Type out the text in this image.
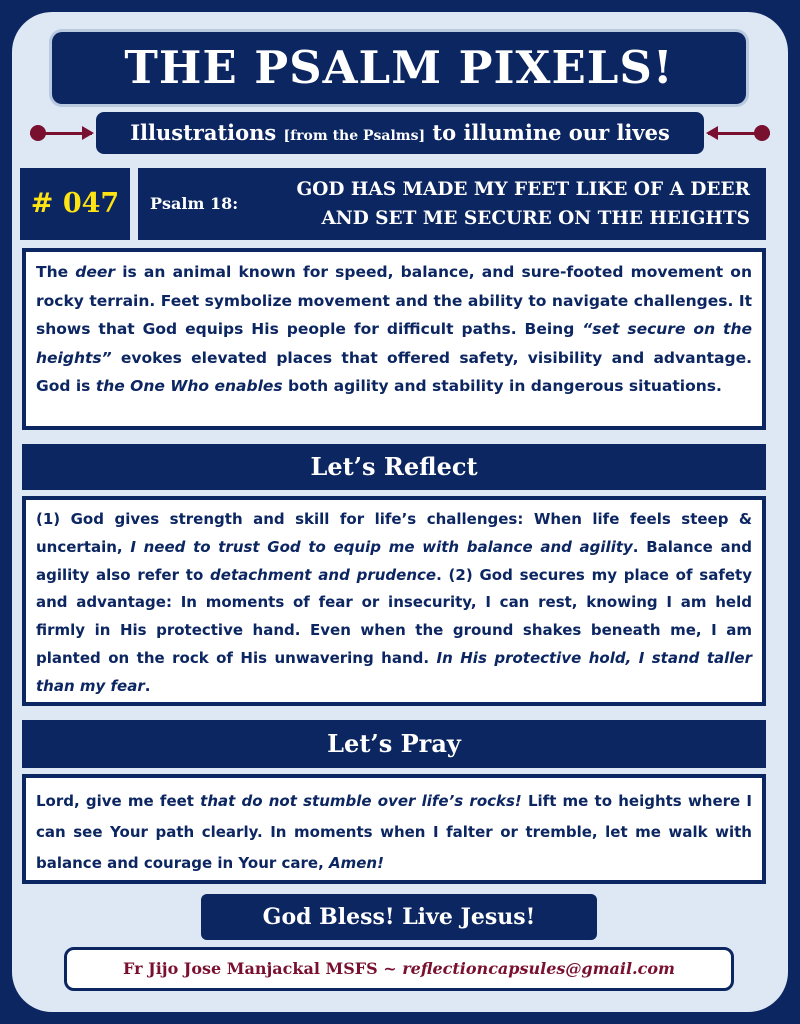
THE PSALM PIXELS!
Illustrations [from the Psalms] to illumine our lives
# 047	Psalm 18:
GOD HAS MADE MY FEET LIKE OF A DEER
AND SET ME SECURE ON THE HEIGHTS
The deer is an animal known for speed, balance, and sure-footed movement on rocky terrain. Feet symbolize movement and the ability to navigate challenges. It shows that God equips His people for difficult paths. Being “set secure on the heights” evokes elevated places that offered safety, visibility and advantage. God is the One Who enables both agility and stability in dangerous situations.
Let’s Reflect
(1) God gives strength and skill for life’s challenges: When life feels steep & uncertain, I need to trust God to equip me with balance and agility. Balance and agility also refer to detachment and prudence. (2) God secures my place of safety and advantage: In moments of fear or insecurity, I can rest, knowing I am held firmly in His protective hand. Even when the ground shakes beneath me, I am planted on the rock of His unwavering hand. In His protective hold, I stand taller than my fear.
Let’s Pray
Lord, give me feet that do not stumble over life’s rocks! Lift me to heights where I can see Your path clearly. In moments when I falter or tremble, let me walk with balance and courage in Your care, Amen!
God Bless! Live Jesus!
Fr Jijo Jose Manjackal MSFS ~ reflectioncapsules@gmail.com
